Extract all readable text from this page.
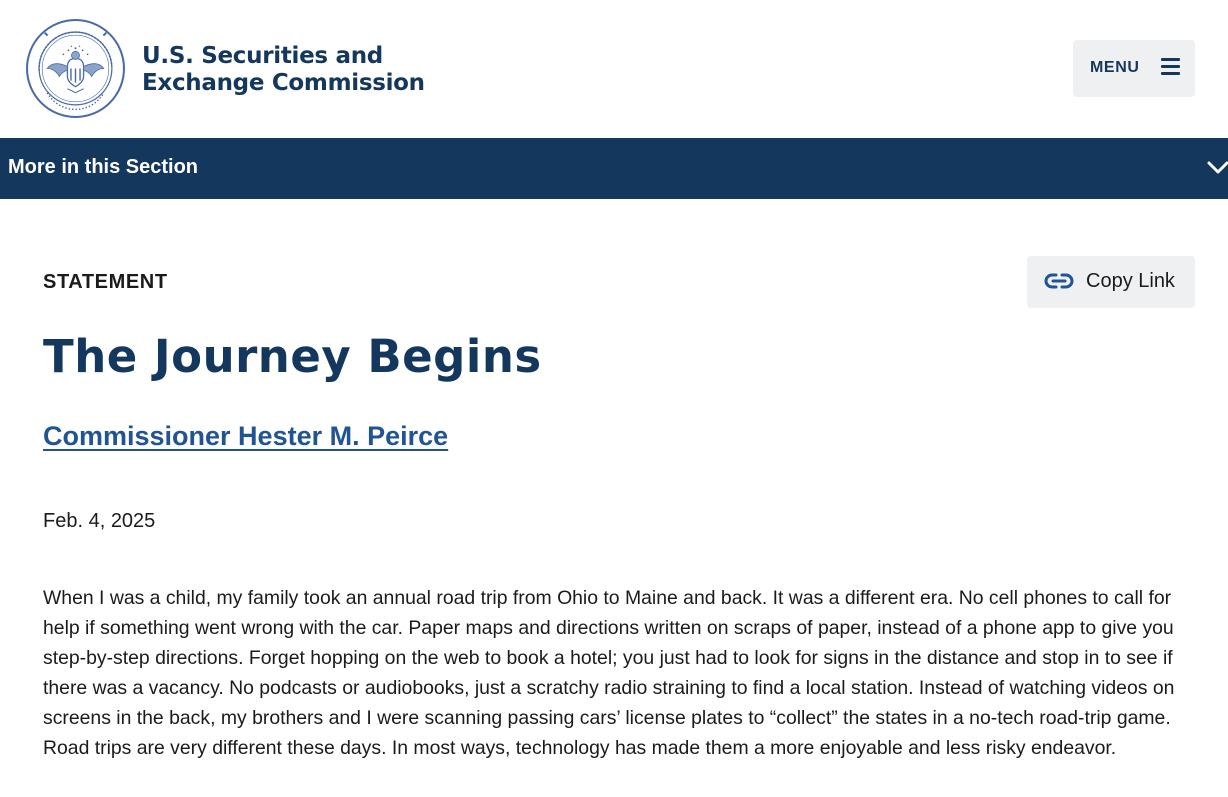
U.S. Securities and
Exchange Commission
MENU
More in this Section
STATEMENT	Copy Link
The Journey Begins
Commissioner Hester M. Peirce
Feb. 4, 2025

When I was a child, my family took an annual road trip from Ohio to Maine and back. It was a different era. No cell phones to call for help if something went wrong with the car. Paper maps and directions written on scraps of paper, instead of a phone app to give you step-by-step directions. Forget hopping on the web to book a hotel; you just had to look for signs in the distance and stop in to see if there was a vacancy. No podcasts or audiobooks, just a scratchy radio straining to find a local station. Instead of watching videos on screens in the back, my brothers and I were scanning passing cars’ license plates to “collect” the states in a no-tech road-trip game. Road trips are very different these days. In most ways, technology has made them a more enjoyable and less risky endeavor.
